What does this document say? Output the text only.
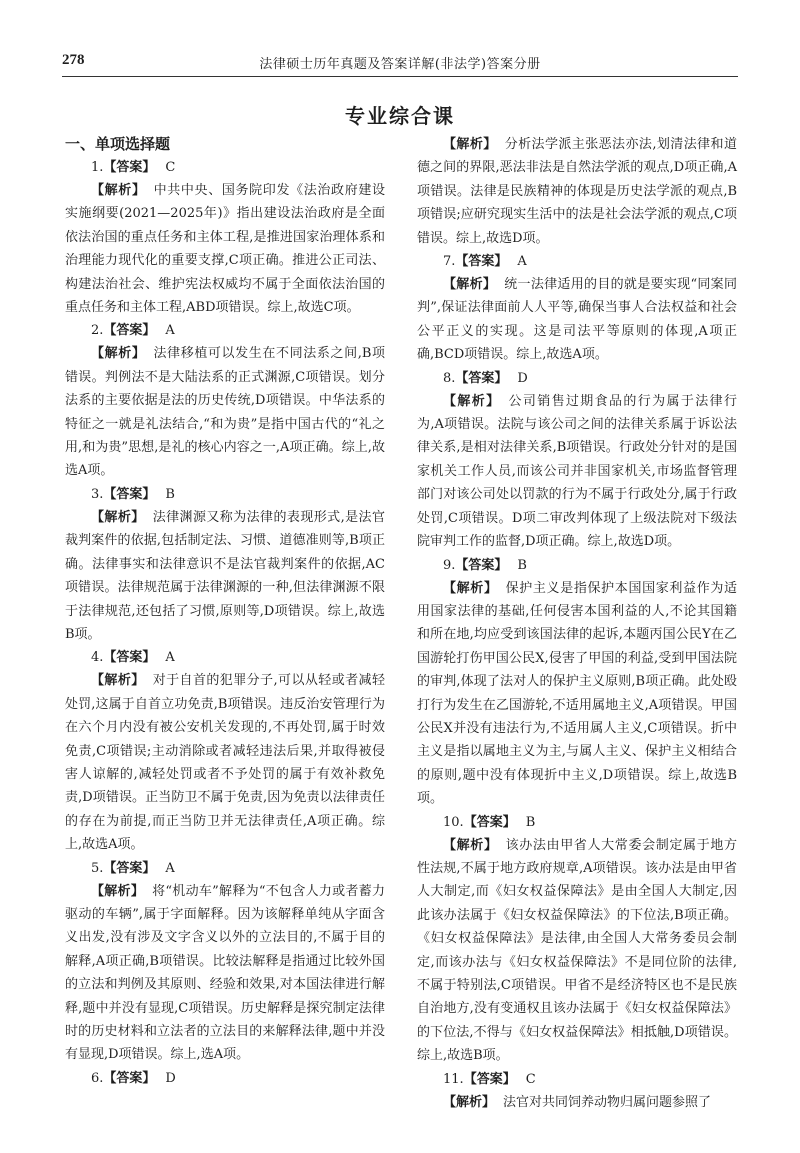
278	法律硕士历年真题及答案详解(非法学)答案分册
专业综合课
一、单项选择题

1.【答案】 C

【解析】 中共中央、国务院印发《法治政府建设实施纲要(2021—2025年)》指出建设法治政府是全面依法治国的重点任务和主体工程,是推进国家治理体系和治理能力现代化的重要支撑,C项正确。推进公正司法、构建法治社会、维护宪法权威均不属于全面依法治国的重点任务和主体工程,ABD项错误。综上,故选C项。

2.【答案】 A

【解析】 法律移植可以发生在不同法系之间,B项错误。判例法不是大陆法系的正式渊源,C项错误。划分法系的主要依据是法的历史传统,D项错误。中华法系的特征之一就是礼法结合,“和为贵”是指中国古代的“礼之用,和为贵”思想,是礼的核心内容之一,A项正确。综上,故选A项。

3.【答案】 B

【解析】 法律渊源又称为法律的表现形式,是法官裁判案件的依据,包括制定法、习惯、道德准则等,B项正确。法律事实和法律意识不是法官裁判案件的依据,AC项错误。法律规范属于法律渊源的一种,但法律渊源不限于法律规范,还包括了习惯,原则等,D项错误。综上,故选B项。

4.【答案】 A

【解析】 对于自首的犯罪分子,可以从轻或者减轻处罚,这属于自首立功免责,B项错误。违反治安管理行为在六个月内没有被公安机关发现的,不再处罚,属于时效免责,C项错误;主动消除或者减轻违法后果,并取得被侵害人谅解的,减轻处罚或者不予处罚的属于有效补救免责,D项错误。正当防卫不属于免责,因为免责以法律责任的存在为前提,而正当防卫并无法律责任,A项正确。综上,故选A项。

5.【答案】 A

【解析】 将“机动车”解释为“不包含人力或者蓄力驱动的车辆”,属于字面解释。因为该解释单纯从字面含义出发,没有涉及文字含义以外的立法目的,不属于目的解释,A项正确,B项错误。比较法解释是指通过比较外国的立法和判例及其原则、经验和效果,对本国法律进行解释,题中并没有显现,C项错误。历史解释是探究制定法律时的历史材料和立法者的立法目的来解释法律,题中并没有显现,D项错误。综上,选A项。

6.【答案】 D

【解析】 分析法学派主张恶法亦法,划清法律和道德之间的界限,恶法非法是自然法学派的观点,D项正确,A项错误。法律是民族精神的体现是历史法学派的观点,B项错误;应研究现实生活中的法是社会法学派的观点,C项错误。综上,故选D项。

7.【答案】 A

【解析】 统一法律适用的目的就是要实现“同案同判”,保证法律面前人人平等,确保当事人合法权益和社会公平正义的实现。这是司法平等原则的体现,A项正确,BCD项错误。综上,故选A项。

8.【答案】 D

【解析】 公司销售过期食品的行为属于法律行为,A项错误。法院与该公司之间的法律关系属于诉讼法律关系,是相对法律关系,B项错误。行政处分针对的是国家机关工作人员,而该公司并非国家机关,市场监督管理部门对该公司处以罚款的行为不属于行政处分,属于行政处罚,C项错误。D项二审改判体现了上级法院对下级法院审判工作的监督,D项正确。综上,故选D项。

9.【答案】 B

【解析】 保护主义是指保护本国国家利益作为适用国家法律的基础,任何侵害本国利益的人,不论其国籍和所在地,均应受到该国法律的起诉,本题丙国公民Y在乙国游轮打伤甲国公民X,侵害了甲国的利益,受到甲国法院的审判,体现了法对人的保护主义原则,B项正确。此处殴打行为发生在乙国游轮,不适用属地主义,A项错误。甲国公民X并没有违法行为,不适用属人主义,C项错误。折中主义是指以属地主义为主,与属人主义、保护主义相结合的原则,题中没有体现折中主义,D项错误。综上,故选B项。

10.【答案】 B

【解析】 该办法由甲省人大常委会制定属于地方性法规,不属于地方政府规章,A项错误。该办法是由甲省人大制定,而《妇女权益保障法》是由全国人大制定,因此该办法属于《妇女权益保障法》的下位法,B项正确。《妇女权益保障法》是法律,由全国人大常务委员会制定,而该办法与《妇女权益保障法》不是同位阶的法律,不属于特别法,C项错误。甲省不是经济特区也不是民族自治地方,没有变通权且该办法属于《妇女权益保障法》的下位法,不得与《妇女权益保障法》相抵触,D项错误。综上,故选B项。

11.【答案】 C

【解析】 法官对共同饲养动物归属问题参照了
